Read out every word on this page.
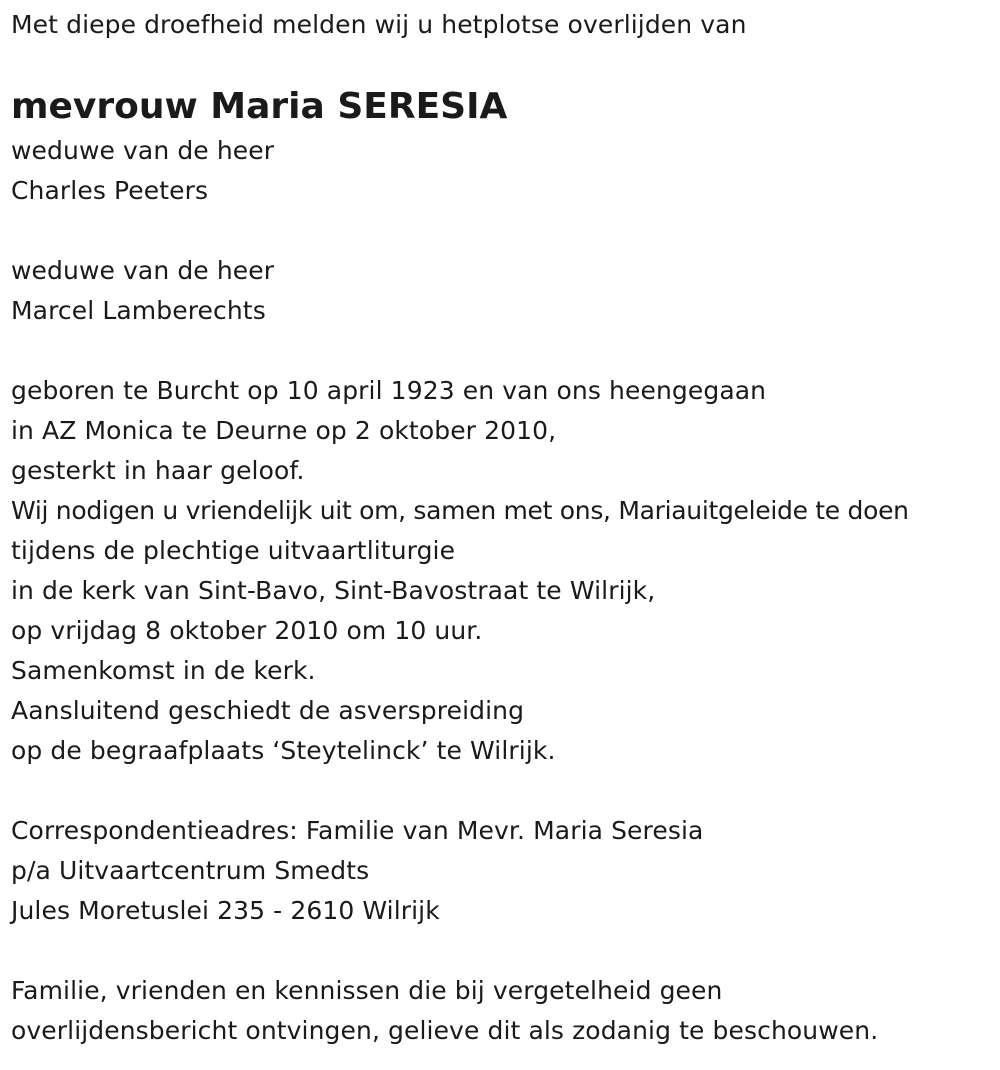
Met diepe droefheid melden wij u hetplotse overlijden van
mevrouw Maria SERESIA
weduwe van de heer
Charles Peeters
weduwe van de heer
Marcel Lamberechts
geboren te Burcht op 10 april 1923 en van ons heengegaan
in AZ Monica te Deurne op 2 oktober 2010,
gesterkt in haar geloof.
Wij nodigen u vriendelijk uit om, samen met ons, Mariauitgeleide te doen
tijdens de plechtige uitvaartliturgie
in de kerk van Sint-Bavo, Sint-Bavostraat te Wilrijk,
op vrijdag 8 oktober 2010 om 10 uur.
Samenkomst in de kerk.
Aansluitend geschiedt de asverspreiding
op de begraafplaats ‘Steytelinck’ te Wilrijk.
Correspondentieadres: Familie van Mevr. Maria Seresia
p/a Uitvaartcentrum Smedts
Jules Moretuslei 235 - 2610 Wilrijk
Familie, vrienden en kennissen die bij vergetelheid geen
overlijdensbericht ontvingen, gelieve dit als zodanig te beschouwen.
